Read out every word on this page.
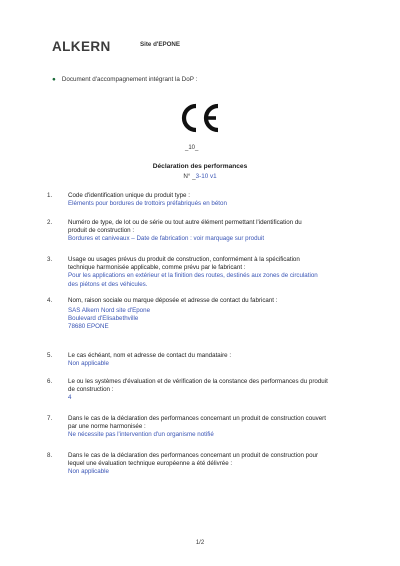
ALKERN	Site d'EPONE
● Document d'accompagnement intégrant la DoP :
_10_
Déclaration des performances
N° _3-10 v1
1.	Code d'identification unique du produit type :
Eléments pour bordures de trottoirs préfabriqués en béton
2.	Numéro de type, de lot ou de série ou tout autre élément permettant l'identification du
produit de construction :
Bordures et caniveaux – Date de fabrication : voir marquage sur produit
3.	Usage ou usages prévus du produit de construction, conformément à la spécification
technique harmonisée applicable, comme prévu par le fabricant :
Pour les applications en extérieur et la finition des routes, destinés aux zones de circulation
des piétons et des véhicules.
4.	Nom, raison sociale ou marque déposée et adresse de contact du fabricant :
5.	Le cas échéant, nom et adresse de contact du mandataire :
Non applicable
6.	Le ou les systèmes d'évaluation et de vérification de la constance des performances du produit
de construction :
4
7.	Dans le cas de la déclaration des performances concernant un produit de construction couvert
par une norme harmonisée :
Ne nécessite pas l'intervention d'un organisme notifié
8.	Dans le cas de la déclaration des performances concernant un produit de construction pour
lequel une évaluation technique européenne a été délivrée :
Non applicable
SAS Alkern Nord site d'Epone
Boulevard d'Elisabethville
78680 EPONE
1/2
